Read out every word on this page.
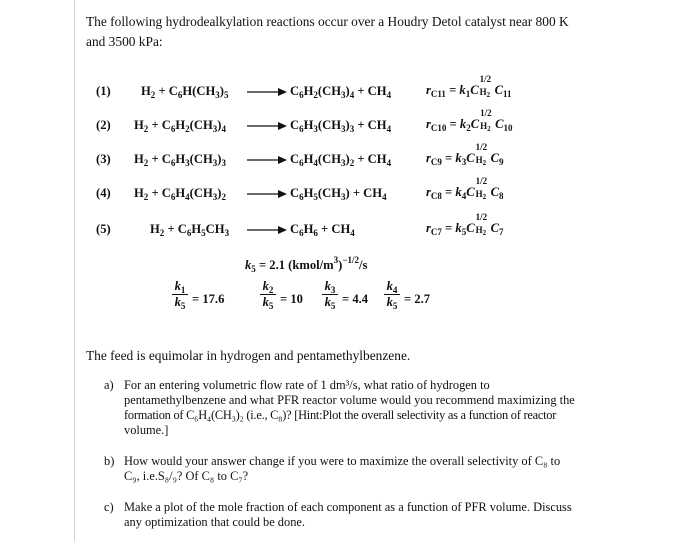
The following hydrodealkylation reactions occur over a Houdry Detol catalyst near 800 K
and 3500 kPa:
(1) $H_2 + C_6H(CH_3)_5 \to C_6H_2(CH_3)_4 + CH_4$	$r_{C11} = k_1C$
1/2
$H_2$ $C_{11}$
(2) $H_2 + C_6H_2(CH_3)_4 \to C_6H_3(CH_3)_3 + CH_4$	$r_{C10} = k_2C$
1/2
$H_2$ $C_{10}$
(3) $H_2 + C_6H_3(CH_3)_3 \to C_6H_4(CH_3)_2 + CH_4$	$r_{C9} = k_3C$
1/2
$H_2$ $C_9$
(4) $H_2 + C_6H_4(CH_3)_2 \to C_6H_5(CH_3) + CH_4$	$r_{C8} = k_4C$
1/2
$H_2$ $C_8$
(5)	$H_2 + C_6H_5CH_3 \to C_6H_6 + CH_4$	$r_{C7} = k_5C$
1/2
$H_2$ $C_7$
$k_5 = 2.1$ $(kmol/m^3)^{-1/2}/s$
$\frac{k_1}{k_5} = 17.6$	$\frac{k_2}{k_5} = 10 \frac{k_3}{k_5} = 4.4 \frac{k_4}{k_5} = 2.7$
The feed is equimolar in hydrogen and pentamethylbenzene.
a) For an entering volumetric flow rate of 1 dm³/s, what ratio of hydrogen to
pentamethylbenzene and what PFR reactor volume would you recommend maximizing the
formation of C₆H₄(CH₃)₂ (i.e., C₈)? [Hint:Plot the overall selectivity as a function of reactor
volume.]
b) How would your answer change if you were to maximize the overall selectivity of C₈ to
C₉, i.e.S₈/₉? Of C₈ to C₇?
c) Make a plot of the mole fraction of each component as a function of PFR volume. Discuss
any optimization that could be done.
